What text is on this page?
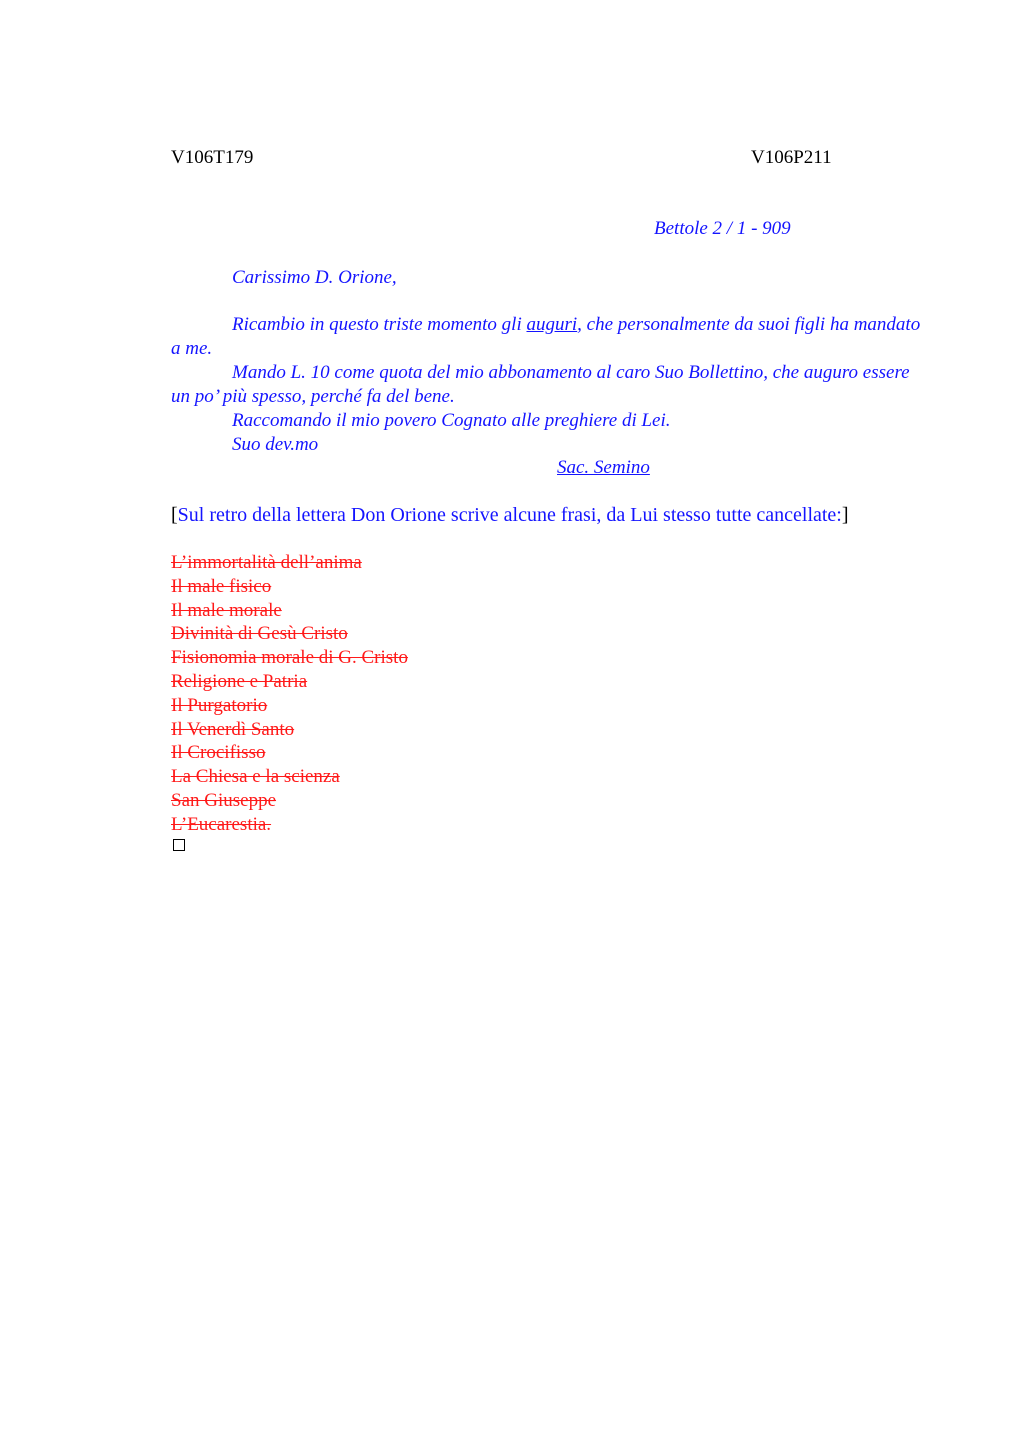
V106T179	V106P211
Bettole 2 / 1 - 909
Carissimo D. Orione,

Ricambio in questo triste momento gli auguri, che personalmente da suoi figli ha mandato a me.

Mando L. 10 come quota del mio abbonamento al caro Suo Bollettino, che auguro essere un po’ più spesso, perché fa del bene.

Raccomando il mio povero Cognato alle preghiere di Lei.

Suo dev.mo

Sac. Semino
[Sul retro della lettera Don Orione scrive alcune frasi, da Lui stesso tutte cancellate:]
L’immortalità dell’anima
Il male fisico
Il male morale
Divinità di Gesù Cristo
Fisionomia morale di G. Cristo
Religione e Patria
Il Purgatorio
Il Venerdì Santo
Il Crocifisso
La Chiesa e la scienza
San Giuseppe
L’Eucarestia.
